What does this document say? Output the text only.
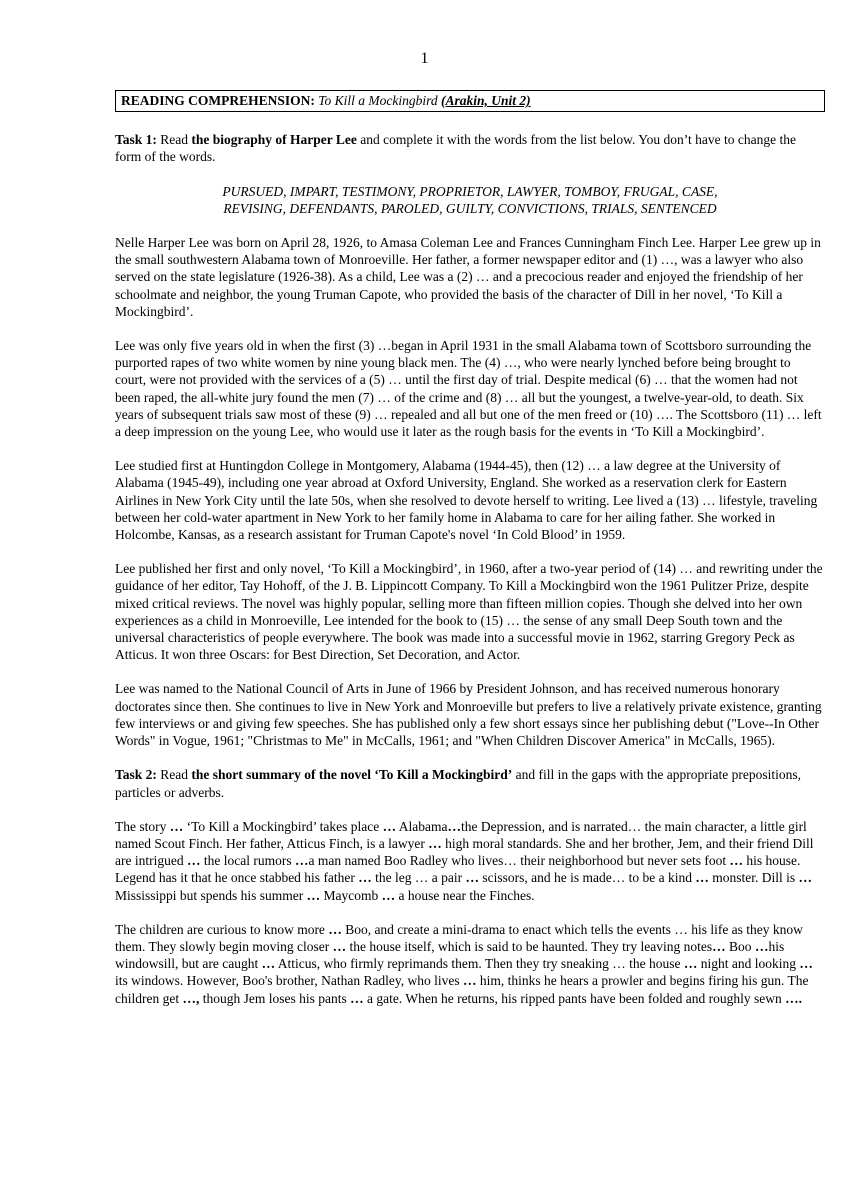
1
READING COMPREHENSION: To Kill a Mockingbird (Arakin, Unit 2)

Task 1: Read the biography of Harper Lee and complete it with the words from the list below. You don’t have to change the form of the words.

PURSUED, IMPART, TESTIMONY, PROPRIETOR, LAWYER, TOMBOY, FRUGAL, CASE,
REVISING, DEFENDANTS, PAROLED, GUILTY, CONVICTIONS, TRIALS, SENTENCED

Nelle Harper Lee was born on April 28, 1926, to Amasa Coleman Lee and Frances Cunningham Finch Lee. Harper Lee grew up in the small southwestern Alabama town of Monroeville. Her father, a former newspaper editor and (1) …, was a lawyer who also served on the state legislature (1926-38). As a child, Lee was a (2) … and a precocious reader and enjoyed the friendship of her schoolmate and neighbor, the young Truman Capote, who provided the basis of the character of Dill in her novel, ‘To Kill a Mockingbird’.

Lee was only five years old in when the first (3) …began in April 1931 in the small Alabama town of Scottsboro surrounding the purported rapes of two white women by nine young black men. The (4) …, who were nearly lynched before being brought to court, were not provided with the services of a (5) … until the first day of trial. Despite medical (6) … that the women had not been raped, the all-white jury found the men (7) … of the crime and (8) … all but the youngest, a twelve-year-old, to death. Six years of subsequent trials saw most of these (9) … repealed and all but one of the men freed or (10) …. The Scottsboro (11) … left a deep impression on the young Lee, who would use it later as the rough basis for the events in ‘To Kill a Mockingbird’.

Lee studied first at Huntingdon College in Montgomery, Alabama (1944-45), then (12) … a law degree at the University of Alabama (1945-49), including one year abroad at Oxford University, England. She worked as a reservation clerk for Eastern Airlines in New York City until the late 50s, when she resolved to devote herself to writing. Lee lived a (13) … lifestyle, traveling between her cold-water apartment in New York to her family home in Alabama to care for her ailing father. She worked in Holcombe, Kansas, as a research assistant for Truman Capote's novel ‘In Cold Blood’ in 1959.

Lee published her first and only novel, ‘To Kill a Mockingbird’, in 1960, after a two-year period of (14) … and rewriting under the guidance of her editor, Tay Hohoff, of the J. B. Lippincott Company. To Kill a Mockingbird won the 1961 Pulitzer Prize, despite mixed critical reviews. The novel was highly popular, selling more than fifteen million copies. Though she delved into her own experiences as a child in Monroeville, Lee intended for the book to (15) … the sense of any small Deep South town and the universal characteristics of people everywhere. The book was made into a successful movie in 1962, starring Gregory Peck as Atticus. It won three Oscars: for Best Direction, Set Decoration, and Actor.

Lee was named to the National Council of Arts in June of 1966 by President Johnson, and has received numerous honorary doctorates since then. She continues to live in New York and Monroeville but prefers to live a relatively private existence, granting few interviews or and giving few speeches. She has published only a few short essays since her publishing debut ("Love--In Other Words" in Vogue, 1961; "Christmas to Me" in McCalls, 1961; and "When Children Discover America" in McCalls, 1965).

Task 2: Read the short summary of the novel ‘To Kill a Mockingbird’ and fill in the gaps with the appropriate prepositions, particles or adverbs.

The story … ‘To Kill a Mockingbird’ takes place … Alabama…the Depression, and is narrated… the main character, a little girl named Scout Finch. Her father, Atticus Finch, is a lawyer … high moral standards. She and her brother, Jem, and their friend Dill are intrigued … the local rumors …a man named Boo Radley who lives… their neighborhood but never sets foot … his house. Legend has it that he once stabbed his father … the leg … a pair … scissors, and he is made… to be a kind … monster. Dill is … Mississippi but spends his summer … Maycomb … a house near the Finches.

The children are curious to know more … Boo, and create a mini-drama to enact which tells the events … his life as they know them. They slowly begin moving closer … the house itself, which is said to be haunted. They try leaving notes… Boo …his windowsill, but are caught … Atticus, who firmly reprimands them. Then they try sneaking … the house … night and looking … its windows. However, Boo's brother, Nathan Radley, who lives … him, thinks he hears a prowler and begins firing his gun. The children get …, though Jem loses his pants … a gate. When he returns, his ripped pants have been folded and roughly sewn ….
